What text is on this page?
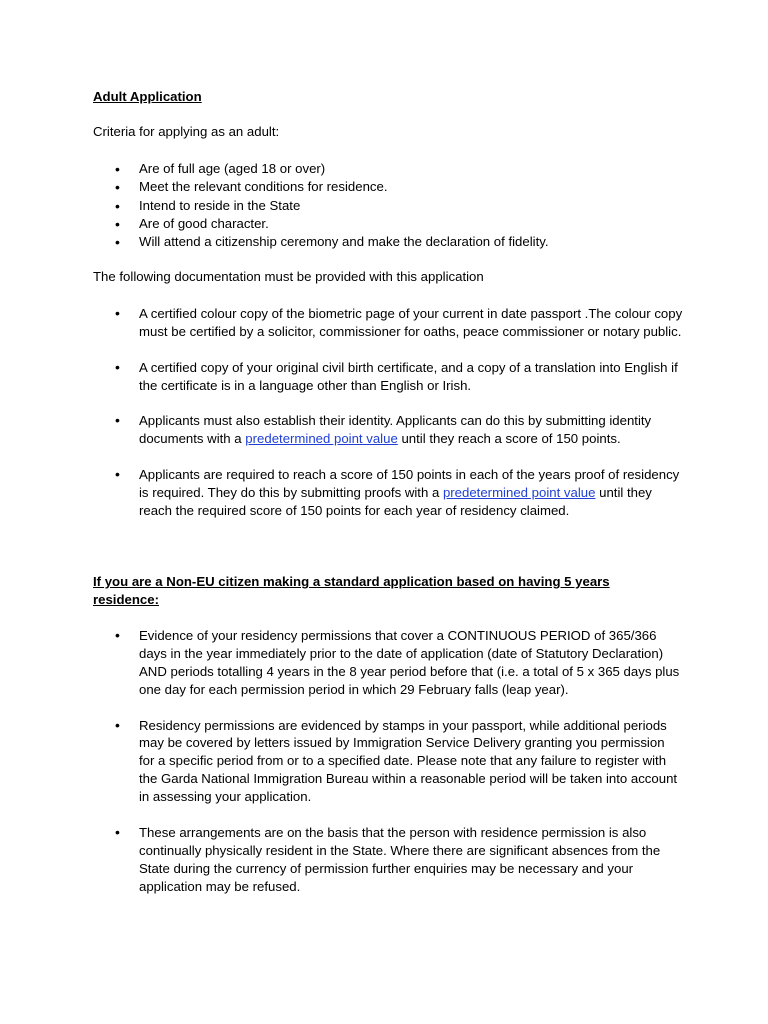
Adult Application
Criteria for applying as an adult:
• Are of full age (aged 18 or over)
• Meet the relevant conditions for residence.
• Intend to reside in the State
• Are of good character.
• Will attend a citizenship ceremony and make the declaration of fidelity.
The following documentation must be provided with this application
• A certified colour copy of the biometric page of your current in date passport .The colour copy must be certified by a solicitor, commissioner for oaths, peace commissioner or notary public.
• A certified copy of your original civil birth certificate, and a copy of a translation into English if the certificate is in a language other than English or Irish.
• Applicants must also establish their identity. Applicants can do this by submitting identity documents with a predetermined point value until they reach a score of 150 points.
• Applicants are required to reach a score of 150 points in each of the years proof of residency is required. They do this by submitting proofs with a predetermined point value until they reach the required score of 150 points for each year of residency claimed.
If you are a Non-EU citizen making a standard application based on having 5 years residence:
• Evidence of your residency permissions that cover a CONTINUOUS PERIOD of 365/366 days in the year immediately prior to the date of application (date of Statutory Declaration) AND periods totalling 4 years in the 8 year period before that (i.e. a total of 5 x 365 days plus one day for each permission period in which 29 February falls (leap year).
• Residency permissions are evidenced by stamps in your passport, while additional periods may be covered by letters issued by Immigration Service Delivery granting you permission for a specific period from or to a specified date. Please note that any failure to register with the Garda National Immigration Bureau within a reasonable period will be taken into account in assessing your application.
• These arrangements are on the basis that the person with residence permission is also continually physically resident in the State. Where there are significant absences from the State during the currency of permission further enquiries may be necessary and your application may be refused.
